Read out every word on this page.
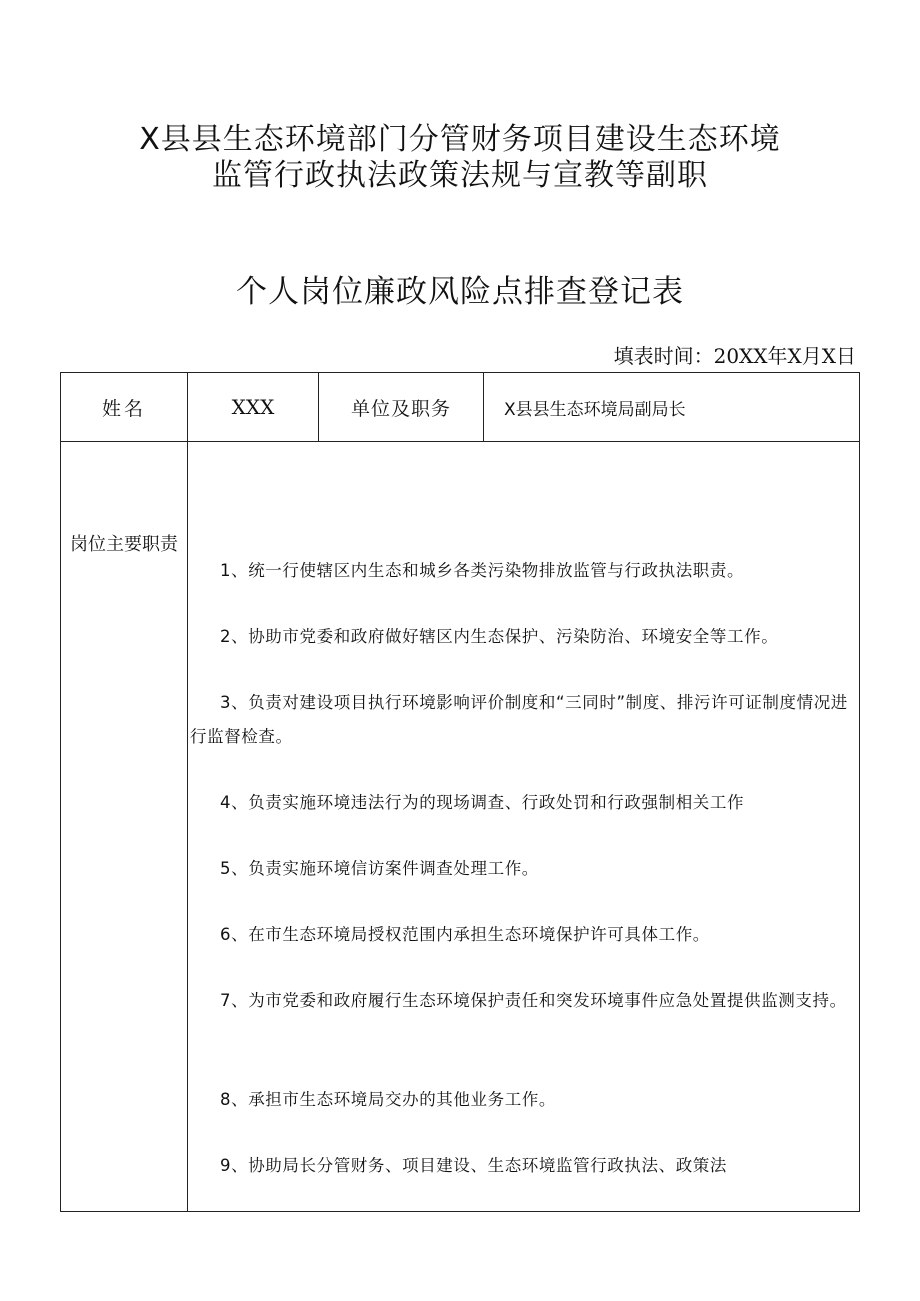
X县县生态环境部门分管财务项目建设生态环境
监管行政执法政策法规与宣教等副职
个人岗位廉政风险点排查登记表
填表时间：20XX年X月X日
姓名	XXX	单位及职务	X县县生态环境局副局长
岗位主要职责

1、统一行使辖区内生态和城乡各类污染物排放监管与行政执法职责。

2、协助市党委和政府做好辖区内生态保护、污染防治、环境安全等工作。

3、负责对建设项目执行环境影响评价制度和“三同时”制度、排污许可证制度情况进行监督检查。

4、负责实施环境违法行为的现场调查、行政处罚和行政强制相关工作

5、负责实施环境信访案件调查处理工作。

6、在市生态环境局授权范围内承担生态环境保护许可具体工作。

7、为市党委和政府履行生态环境保护责任和突发环境事件应急处置提供监测支持。

8、承担市生态环境局交办的其他业务工作。

9、协助局长分管财务、项目建设、生态环境监管行政执法、政策法
